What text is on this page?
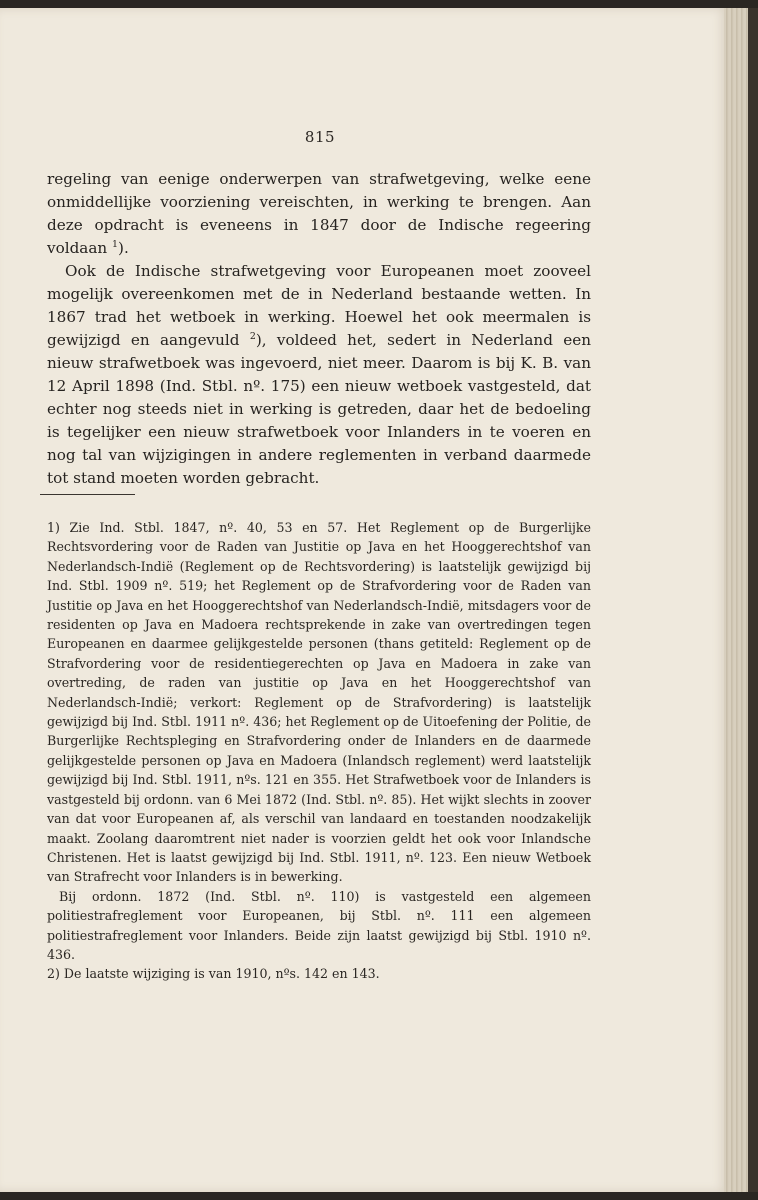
815

regeling van eenige onderwerpen van strafwetgeving, welke eene onmiddellijke voorziening vereischten, in werking te brengen. Aan deze opdracht is eveneens in 1847 door de Indische regeering voldaan $^1$).

Ook de Indische strafwetgeving voor Europeanen moet zooveel mogelijk overeenkomen met de in Nederland bestaande wetten. In 1867 trad het wetboek in werking. Hoewel het ook meermalen is gewijzigd en aangevuld $^2$), voldeed het, sedert in Nederland een nieuw strafwetboek was ingevoerd, niet meer. Daarom is bij K. B. van 12 April 1898 (Ind. Stbl. nº. 175) een nieuw wetboek vastgesteld, dat echter nog steeds niet in werking is getreden, daar het de bedoeling is tegelijker een nieuw strafwetboek voor Inlanders in te voeren en nog tal van wijzigingen in andere reglementen in verband daarmede tot stand moeten worden gebracht.

1) Zie Ind. Stbl. 1847, nº. 40, 53 en 57. Het Reglement op de Burgerlijke Rechtsvordering voor de Raden van Justitie op Java en het Hooggerechtshof van Nederlandsch-Indië (Reglement op de Rechtsvordering) is laatstelijk gewijzigd bij Ind. Stbl. 1909 nº. 519; het Reglement op de Strafvordering voor de Raden van Justitie op Java en het Hooggerechtshof van Nederlandsch-Indië, mitsdagers voor de residenten op Java en Madoera rechtsprekende in zake van overtredingen tegen Europeanen en daarmee gelijkgestelde personen (thans getiteld: Reglement op de Strafvordering voor de residentiegerechten op Java en Madoera in zake van overtreding, de raden van justitie op Java en het Hooggerechtshof van Nederlandsch-Indië; verkort: Reglement op de Strafvordering) is laatstelijk gewijzigd bij Ind. Stbl. 1911 nº. 436; het Reglement op de Uitoefening der Politie, de Burgerlijke Rechtspleging en Strafvordering onder de Inlanders en de daarmede gelijkgestelde personen op Java en Madoera (Inlandsch reglement) werd laatstelijk gewijzigd bij Ind. Stbl. 1911, nºs. 121 en 355. Het Strafwetboek voor de Inlanders is vastgesteld bij ordonn. van 6 Mei 1872 (Ind. Stbl. nº. 85). Het wijkt slechts in zoover van dat voor Europeanen af, als verschil van landaard en toestanden noodzakelijk maakt. Zoolang daaromtrent niet nader is voorzien geldt het ook voor Inlandsche Christenen. Het is laatst gewijzigd bij Ind. Stbl. 1911, nº. 123. Een nieuw Wetboek van Strafrecht voor Inlanders is in bewerking.

Bij ordonn. 1872 (Ind. Stbl. nº. 110) is vastgesteld een algemeen politiestrafreglement voor Europeanen, bij Stbl. nº. 111 een algemeen politiestrafreglement voor Inlanders. Beide zijn laatst gewijzigd bij Stbl. 1910 nº. 436.

2) De laatste wijziging is van 1910, nºs. 142 en 143.
